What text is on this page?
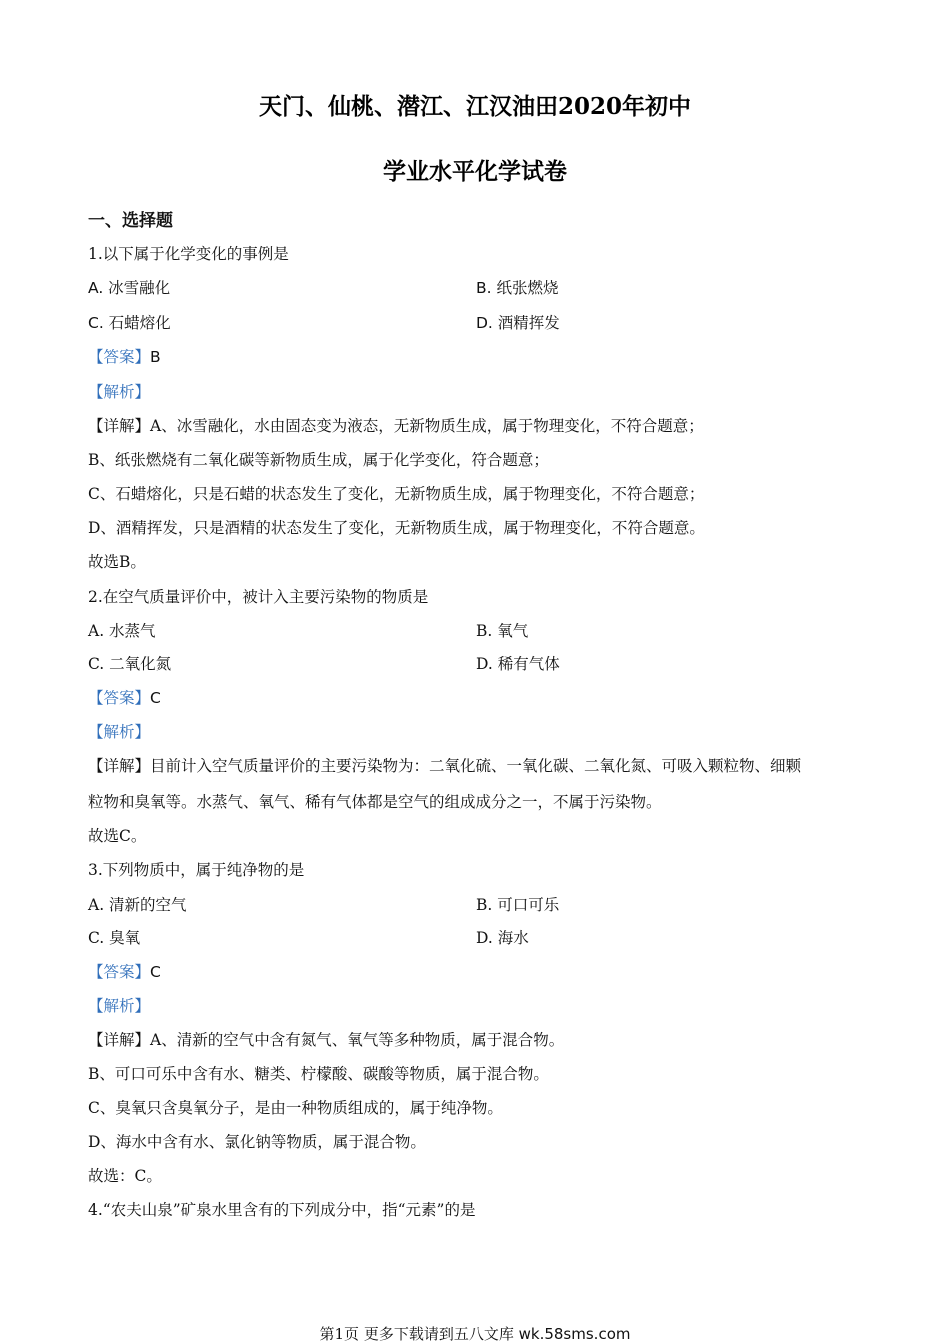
天门、仙桃、潜江、江汉油田2020年初中
学业水平化学试卷
一、选择题
1.以下属于化学变化的事例是
A. 冰雪融化	B. 纸张燃烧
C. 石蜡熔化	D. 酒精挥发
【答案】B
【解析】
【详解】A、冰雪融化，水由固态变为液态，无新物质生成，属于物理变化，不符合题意；
B、纸张燃烧有二氧化碳等新物质生成，属于化学变化，符合题意；
C、石蜡熔化，只是石蜡的状态发生了变化，无新物质生成，属于物理变化，不符合题意；
D、酒精挥发，只是酒精的状态发生了变化，无新物质生成，属于物理变化，不符合题意。
故选B。
2.在空气质量评价中，被计入主要污染物的物质是
A. 水蒸气	B. 氧气
C. 二氧化氮	D. 稀有气体
【答案】C
【解析】
【详解】目前计入空气质量评价的主要污染物为：二氧化硫、一氧化碳、二氧化氮、可吸入颗粒物、细颗
粒物和臭氧等。水蒸气、氧气、稀有气体都是空气的组成成分之一，不属于污染物。
故选C。
3.下列物质中，属于纯净物的是
A. 清新的空气	B. 可口可乐
C. 臭氧	D. 海水
【答案】C
【解析】
【详解】A、清新的空气中含有氮气、氧气等多种物质，属于混合物。
B、可口可乐中含有水、糖类、柠檬酸、碳酸等物质，属于混合物。
C、臭氧只含臭氧分子，是由一种物质组成的，属于纯净物。
D、海水中含有水、氯化钠等物质，属于混合物。
故选：C。
4.“农夫山泉”矿泉水里含有的下列成分中，指“元素”的是
第1页 更多下载请到五八文库 wk.58sms.com
